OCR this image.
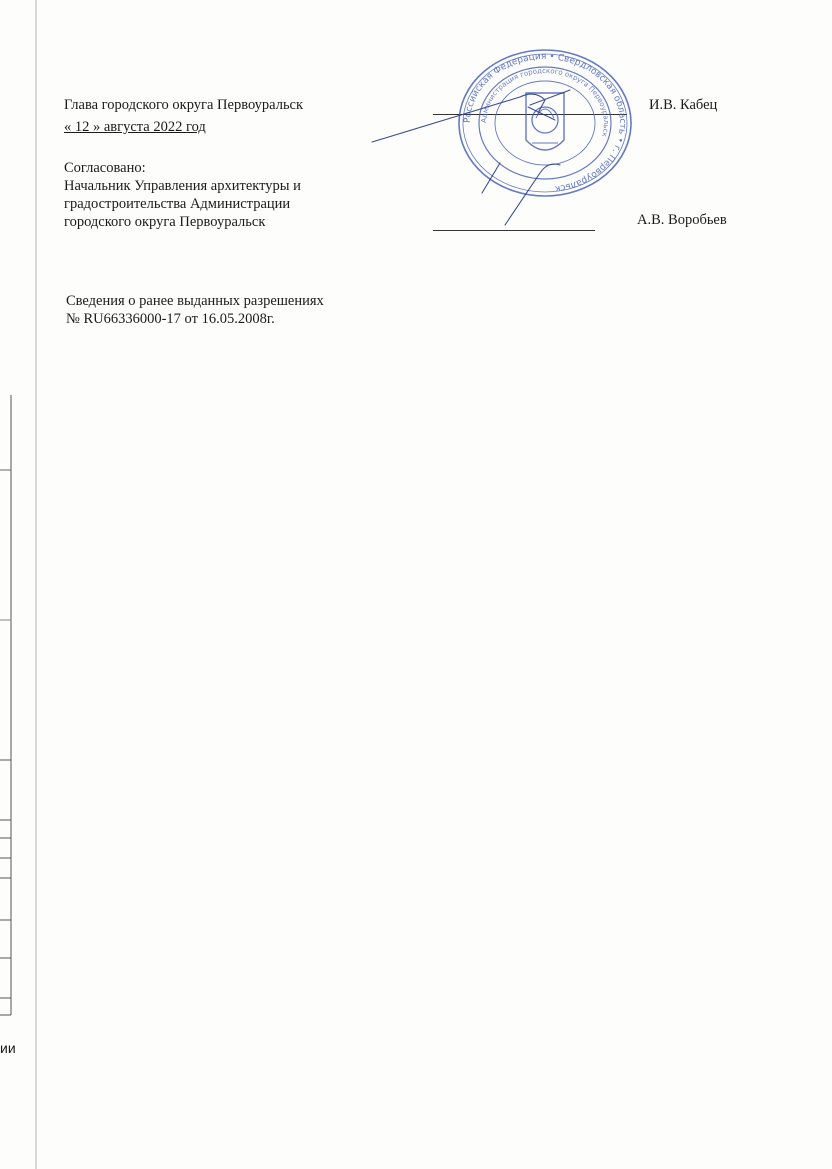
ии
Глава городского округа Первоуральск
« 12 » августа 2022 год
И.В. Кабец
Согласовано:
Начальник Управления архитектуры и
градостроительства Администрации
городского округа Первоуральск	А.В. Воробьев
Сведения о ранее выданных разрешениях
№ RU66336000-17 от 16.05.2008г.
Российская Федерация • Свердловская область • г. Первоуральск
Администрация городского округа Первоуральск
